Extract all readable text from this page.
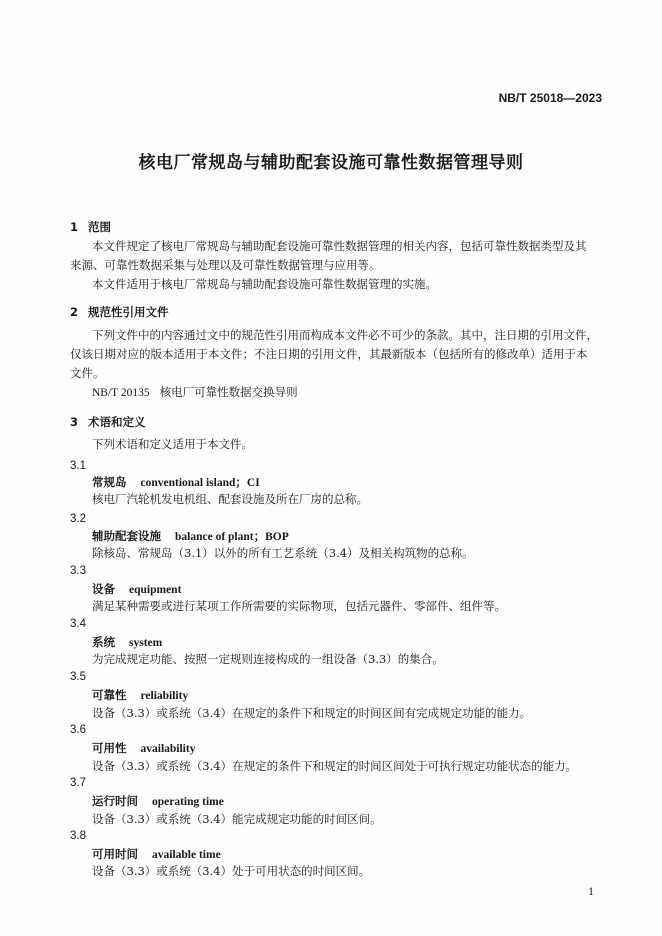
NB/T 25018—2023
核电厂常规岛与辅助配套设施可靠性数据管理导则
1 范围
本文件规定了核电厂常规岛与辅助配套设施可靠性数据管理的相关内容，包括可靠性数据类型及其
来源、可靠性数据采集与处理以及可靠性数据管理与应用等。
本文件适用于核电厂常规岛与辅助配套设施可靠性数据管理的实施。
2 规范性引用文件
下列文件中的内容通过文中的规范性引用而构成本文件必不可少的条款。其中，注日期的引用文件，
仅该日期对应的版本适用于本文件；不注日期的引用文件，其最新版本（包括所有的修改单）适用于本
文件。
NB/T 20135 核电厂可靠性数据交换导则
3 术语和定义
下列术语和定义适用于本文件。
3.1
常规岛 conventional island；CI
核电厂汽轮机发电机组、配套设施及所在厂房的总称。
3.2
辅助配套设施 balance of plant；BOP
除核岛、常规岛（3.1）以外的所有工艺系统（3.4）及相关构筑物的总称。
3.3
设备 equipment
满足某种需要或进行某项工作所需要的实际物项，包括元器件、零部件、组件等。
3.4
系统 system
为完成规定功能、按照一定规则连接构成的一组设备（3.3）的集合。
3.5
可靠性 reliability
设备（3.3）或系统（3.4）在规定的条件下和规定的时间区间有完成规定功能的能力。
3.6
可用性 availability
设备（3.3）或系统（3.4）在规定的条件下和规定的时间区间处于可执行规定功能状态的能力。
3.7
运行时间 operating time
设备（3.3）或系统（3.4）能完成规定功能的时间区间。
3.8
可用时间 available time
设备（3.3）或系统（3.4）处于可用状态的时间区间。
1
